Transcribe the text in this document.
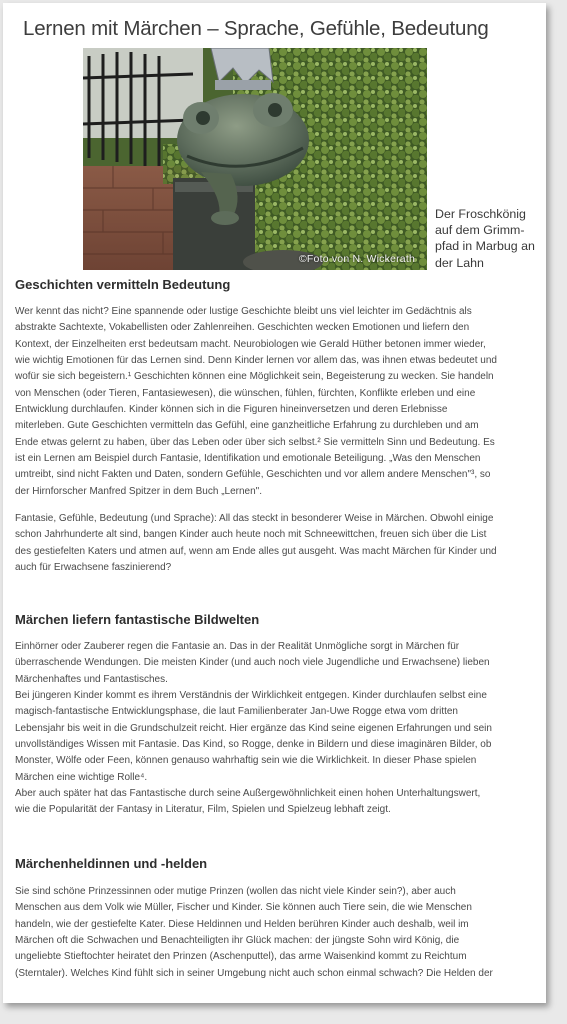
Lernen mit Märchen – Sprache, Gefühle, Bedeutung
©Foto von N. Wickerath
Der Froschkönig
auf dem Grimm-
pfad in Marbug an
der Lahn
Geschichten vermitteln Bedeutung
Wer kennt das nicht? Eine spannende oder lustige Geschichte bleibt uns viel leichter im Gedächtnis als
abstrakte Sachtexte, Vokabellisten oder Zahlenreihen. Geschichten wecken Emotionen und liefern den
Kontext, der Einzelheiten erst bedeutsam macht. Neurobiologen wie Gerald Hüther betonen immer wieder,
wie wichtig Emotionen für das Lernen sind. Denn Kinder lernen vor allem das, was ihnen etwas bedeutet und
wofür sie sich begeistern.¹ Geschichten können eine Möglichkeit sein, Begeisterung zu wecken. Sie handeln
von Menschen (oder Tieren, Fantasiewesen), die wünschen, fühlen, fürchten, Konflikte erleben und eine
Entwicklung durchlaufen. Kinder können sich in die Figuren hineinversetzen und deren Erlebnisse
miterleben. Gute Geschichten vermitteln das Gefühl, eine ganzheitliche Erfahrung zu durchleben und am
Ende etwas gelernt zu haben, über das Leben oder über sich selbst.² Sie vermitteln Sinn und Bedeutung. Es
ist ein Lernen am Beispiel durch Fantasie, Identifikation und emotionale Beteiligung. „Was den Menschen
umtreibt, sind nicht Fakten und Daten, sondern Gefühle, Geschichten und vor allem andere Menschen"³, so
der Hirnforscher Manfred Spitzer in dem Buch „Lernen".
Fantasie, Gefühle, Bedeutung (und Sprache): All das steckt in besonderer Weise in Märchen. Obwohl einige
schon Jahrhunderte alt sind, bangen Kinder auch heute noch mit Schneewittchen, freuen sich über die List
des gestiefelten Katers und atmen auf, wenn am Ende alles gut ausgeht. Was macht Märchen für Kinder und
auch für Erwachsene faszinierend?
Märchen liefern fantastische Bildwelten
Einhörner oder Zauberer regen die Fantasie an. Das in der Realität Unmögliche sorgt in Märchen für
überraschende Wendungen. Die meisten Kinder (und auch noch viele Jugendliche und Erwachsene) lieben
Märchenhaftes und Fantastisches.
Bei jüngeren Kinder kommt es ihrem Verständnis der Wirklichkeit entgegen. Kinder durchlaufen selbst eine
magisch-fantastische Entwicklungsphase, die laut Familienberater Jan-Uwe Rogge etwa vom dritten
Lebensjahr bis weit in die Grundschulzeit reicht. Hier ergänze das Kind seine eigenen Erfahrungen und sein
unvollständiges Wissen mit Fantasie. Das Kind, so Rogge, denke in Bildern und diese imaginären Bilder, ob
Monster, Wölfe oder Feen, können genauso wahrhaftig sein wie die Wirklichkeit. In dieser Phase spielen
Märchen eine wichtige Rolle⁴.
Aber auch später hat das Fantastische durch seine Außergewöhnlichkeit einen hohen Unterhaltungswert,
wie die Popularität der Fantasy in Literatur, Film, Spielen und Spielzeug lebhaft zeigt.
Märchenheldinnen und -helden
Sie sind schöne Prinzessinnen oder mutige Prinzen (wollen das nicht viele Kinder sein?), aber auch
Menschen aus dem Volk wie Müller, Fischer und Kinder. Sie können auch Tiere sein, die wie Menschen
handeln, wie der gestiefelte Kater. Diese Heldinnen und Helden berühren Kinder auch deshalb, weil im
Märchen oft die Schwachen und Benachteiligten ihr Glück machen: der jüngste Sohn wird König, die
ungeliebte Stieftochter heiratet den Prinzen (Aschenputtel), das arme Waisenkind kommt zu Reichtum
(Sterntaler). Welches Kind fühlt sich in seiner Umgebung nicht auch schon einmal schwach? Die Helden der
